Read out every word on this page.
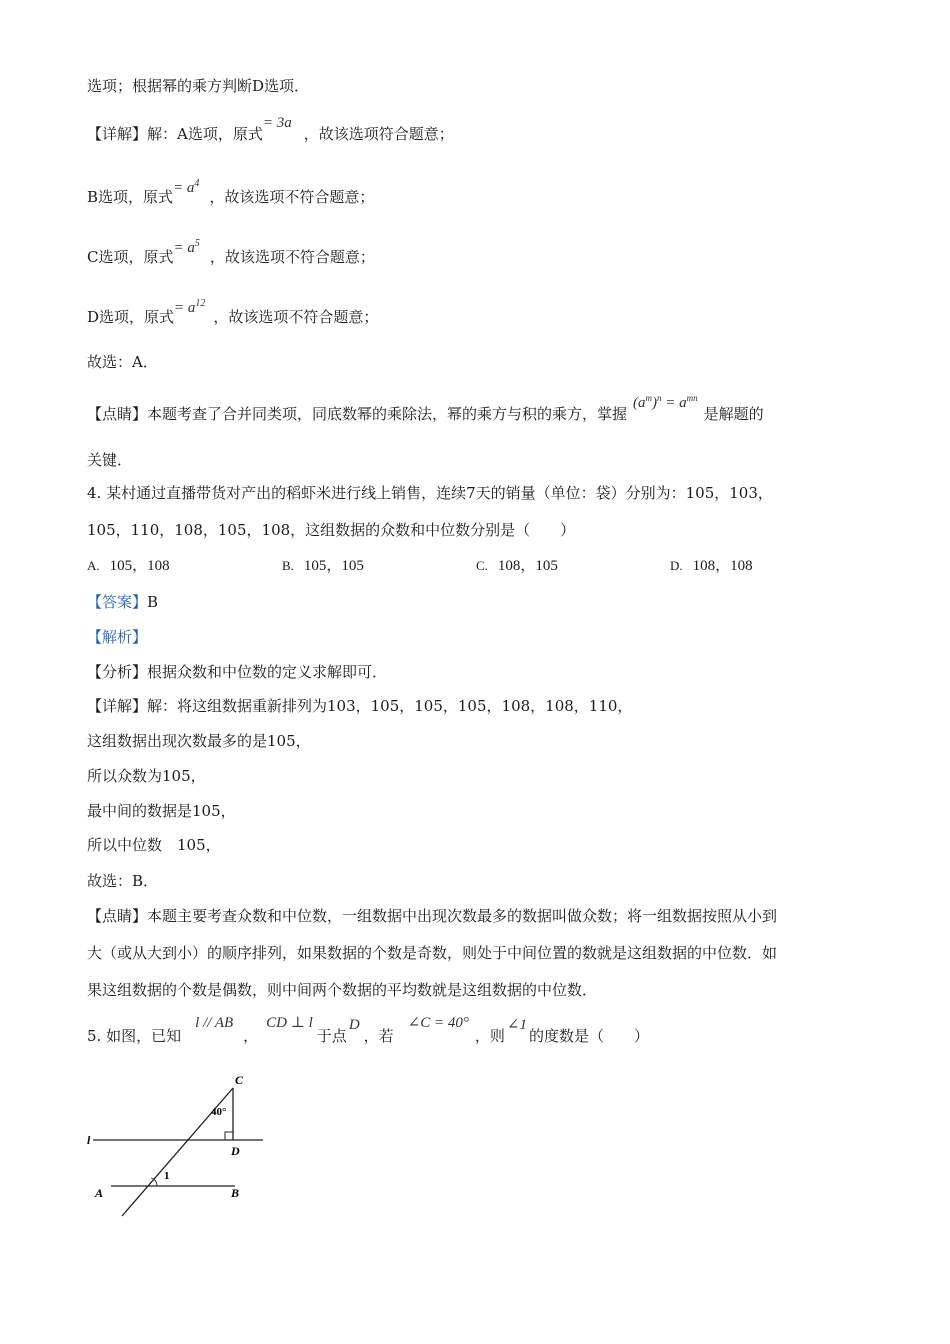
选项；根据幂的乘方判断D选项．
【详解】解：A选项，原式= 3a，故该选项符合题意；
B选项，原式= $a^4$，故该选项不符合题意；
C选项，原式= $a^5$，故该选项不符合题意；
D选项，原式= $a^{12}$，故该选项不符合题意；
故选：A．
【点睛】本题考查了合并同类项，同底数幂的乘除法，幂的乘方与积的乘方，掌握$(a^m)^n = a^{mn}$是解题的
关键．
4. 某村通过直播带货对产出的稻虾米进行线上销售，连续7天的销量（单位：袋）分别为：105，103，
105，110，108，105，108，这组数据的众数和中位数分别是（　　）
A. 105，108	B. 105，105	C. 108，105	D. 108，108
【答案】B
【解析】
【分析】根据众数和中位数的定义求解即可．
【详解】解：将这组数据重新排列为103，105，105，105，108，108，110，
这组数据出现次数最多的是105，
所以众数为105，
最中间的数据是105，
所以中位数　105，
故选：B．
【点睛】本题主要考查众数和中位数，一组数据中出现次数最多的数据叫做众数；将一组数据按照从小到
大（或从大到小）的顺序排列，如果数据的个数是奇数，则处于中间位置的数就是这组数据的中位数．如
果这组数据的个数是偶数，则中间两个数据的平均数就是这组数据的中位数．
5. 如图，已知l // AB，CD ⊥ l于点D，若∠C = 40°，则∠1的度数是（　　）
C
40°
l
D
1
A	B
